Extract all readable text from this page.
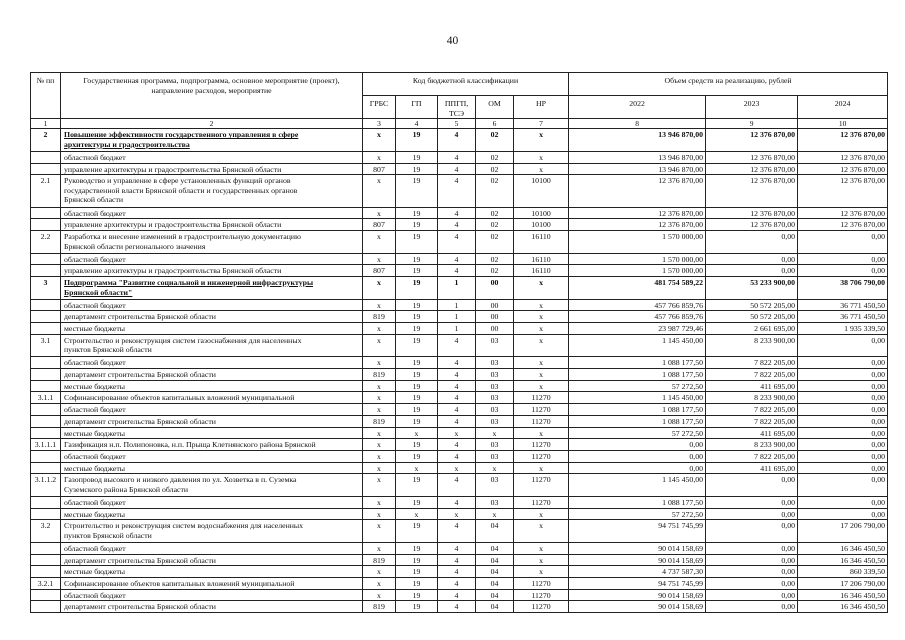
40
№ пп	Государственная программа, подпрограмма, основное мероприятие (проект),
направление расходов, мероприятие	Код бюджетной классификации					Объем средств на реализацию, рублей		
		ГРБС	ГП	ППГП, ТСЭ	ОМ	НР	2022	2023	2024
1	2	3	4	5	6	7	8	9	10
2	Повышение эффективности государственного управления в сфере
архитектуры и градостроительства	x	19	4	02	x	13 946 870,00	12 376 870,00	12 376 870,00

	областной бюджет	x	19	4	02	x	13 946 870,00	12 376 870,00	12 376 870,00

	управление архитектуры и градостроительства Брянской области	807	19	4	02	x	13 946 870,00	12 376 870,00	12 376 870,00
2.1	Руководство и управление в сфере установленных функций органов
государственной власти Брянской области и государственных органов
Брянской области	x	19	4	02	10100	12 376 870,00	12 376 870,00	12 376 870,00

	областной бюджет	x	19	4	02	10100	12 376 870,00	12 376 870,00	12 376 870,00

	управление архитектуры и градостроительства Брянской области	807	19	4	02	10100	12 376 870,00	12 376 870,00	12 376 870,00
2.2	Разработка и внесение изменений в градостроительную документацию
Брянской области регионального значения	x	19	4	02	16110	1 570 000,00	0,00	0,00

	областной бюджет	x	19	4	02	16110	1 570 000,00	0,00	0,00

	управление архитектуры и градостроительства Брянской области	807	19	4	02	16110	1 570 000,00	0,00	0,00
3	Подпрограмма "Развитие социальной и инженерной инфраструктуры
Брянской области"	x	19	1	00	x	481 754 589,22	53 233 900,00	38 706 790,00

	областной бюджет	x	19	1	00	x	457 766 859,76	50 572 205,00	36 771 450,50

	департамент строительства Брянской области	819	19	1	00	x	457 766 859,76	50 572 205,00	36 771 450,50

	местные бюджеты	x	19	1	00	x	23 987 729,46	2 661 695,00	1 935 339,50
3.1	Строительство и реконструкция систем газоснабжения для населенных
пунктов Брянской области	x	19	4	03	x	1 145 450,00	8 233 900,00	0,00

	областной бюджет	x	19	4	03	x	1 088 177,50	7 822 205,00	0,00

	департамент строительства Брянской области	819	19	4	03	x	1 088 177,50	7 822 205,00	0,00

	местные бюджеты	x	19	4	03	x	57 272,50	411 695,00	0,00
3.1.1	Софинансирование объектов капитальных вложений муниципальной	x	19	4	03	11270	1 145 450,00	8 233 900,00	0,00

	областной бюджет	x	19	4	03	11270	1 088 177,50	7 822 205,00	0,00

	департамент строительства Брянской области	819	19	4	03	11270	1 088 177,50	7 822 205,00	0,00

	местные бюджеты	x	x	x	x	x	57 272,50	411 695,00	0,00
3.1.1.1	Газификация н.п. Полипоновка, н.п. Прыща Клетнянского района Брянской	x	19	4	03	11270	0,00	8 233 900,00	0,00

	областной бюджет	x	19	4	03	11270	0,00	7 822 205,00	0,00

	местные бюджеты	x	x	x	x	x	0,00	411 695,00	0,00
3.1.1.2	Газопровод высокого и низкого давления по ул. Хозветка в п. Суземка
Суземского района Брянской области	x	19	4	03	11270	1 145 450,00	0,00	0,00

	областной бюджет	x	19	4	03	11270	1 088 177,50	0,00	0,00

	местные бюджеты	x	x	x	x	x	57 272,50	0,00	0,00
3.2	Строительство и реконструкция систем водоснабжения для населенных
пунктов Брянской области	x	19	4	04	x	94 751 745,99	0,00	17 206 790,00

	областной бюджет	x	19	4	04	x	90 014 158,69	0,00	16 346 450,50

	департамент строительства Брянской области	819	19	4	04	x	90 014 158,69	0,00	16 346 450,50

	местные бюджеты	x	19	4	04	x	4 737 587,30	0,00	860 339,50
3.2.1	Софинансирование объектов капитальных вложений муниципальной	x	19	4	04	11270	94 751 745,99	0,00	17 206 790,00

	областной бюджет	x	19	4	04	11270	90 014 158,69	0,00	16 346 450,50

	департамент строительства Брянской области	819	19	4	04	11270	90 014 158,69	0,00	16 346 450,50
